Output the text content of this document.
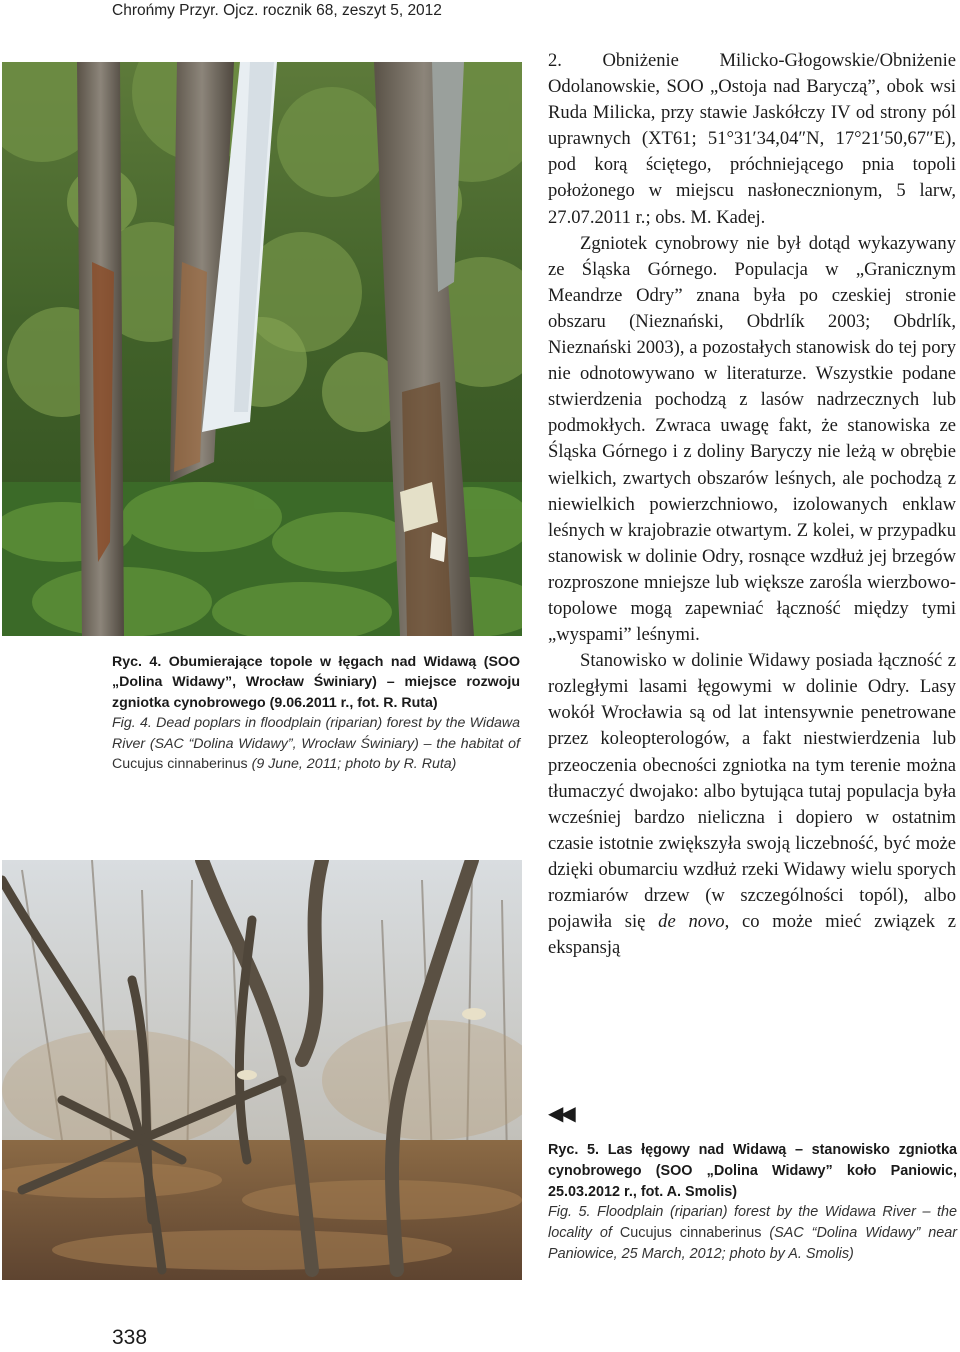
Chrońmy Przyr. Ojcz. rocznik 68, zeszyt 5, 2012
Ryc. 4. Obumierające topole w łęgach nad Widawą (SOO „Dolina Widawy”, Wrocław Świniary) – miejsce rozwoju zgniotka cynobrowego (9.06.2011 r., fot. R. Ruta)
Fig. 4. Dead poplars in floodplain (riparian) forest by the Widawa River (SAC “Dolina Widawy”, Wrocław Świniary) – the habitat of Cucujus cinnaberinus (9 June, 2011; photo by R. Ruta)

2. Obniżenie Milicko-Głogowskie/Obniżenie Odolanowskie, SOO „Ostoja nad Baryczą”, obok wsi Ruda Milicka, przy stawie Jaskółczy IV od strony pól uprawnych (XT61; 51°31′34,04″N, 17°21′50,67″E), pod korą ściętego, próchniejącego pnia topoli położonego w miejscu nasłonecznionym, 5 larw, 27.07.2011 r.; obs. M. Kadej.

Zgniotek cynobrowy nie był dotąd wykazywany ze Śląska Górnego. Populacja w „Granicznym Meandrze Odry” znana była po czeskiej stronie obszaru (Nieznański, Obdrlík 2003; Obdrlík, Nieznański 2003), a pozostałych stanowisk do tej pory nie odnotowywano w literaturze. Wszystkie podane stwierdzenia pochodzą z lasów nadrzecznych lub podmokłych. Zwraca uwagę fakt, że stanowiska ze Śląska Górnego i z doliny Baryczy nie leżą w obrębie wielkich, zwartych obszarów leśnych, ale pochodzą z niewielkich powierzchniowo, izolowanych enklaw leśnych w krajobrazie otwartym. Z kolei, w przypadku stanowisk w dolinie Odry, rosnące wzdłuż jej brzegów rozproszone mniejsze lub większe zarośla wierzbowo-topolowe mogą zapewniać łączność między tymi „wyspami” leśnymi.

Stanowisko w dolinie Widawy posiada łączność z rozległymi lasami łęgowymi w dolinie Odry. Lasy wokół Wrocławia są od lat intensywnie penetrowane przez koleopterologów, a fakt niestwierdzenia lub przeoczenia obecności zgniotka na tym terenie można tłumaczyć dwojako: albo bytująca tutaj populacja była wcześniej bardzo nieliczna i dopiero w ostatnim czasie istotnie zwiększyła swoją liczebność, być może dzięki obumarciu wzdłuż rzeki Widawy wielu sporych rozmiarów drzew (w szczególności topól), albo pojawiła się de novo, co może mieć związek z ekspansją

◀◀
Ryc. 5. Las łęgowy nad Widawą – stanowisko zgniotka cynobrowego (SOO „Dolina Widawy” koło Paniowic, 25.03.2012 r., fot. A. Smolis)
Fig. 5. Floodplain (riparian) forest by the Widawa River – the locality of Cucujus cinnaberinus (SAC “Dolina Widawy” near Paniowice, 25 March, 2012; photo by A. Smolis)
338
